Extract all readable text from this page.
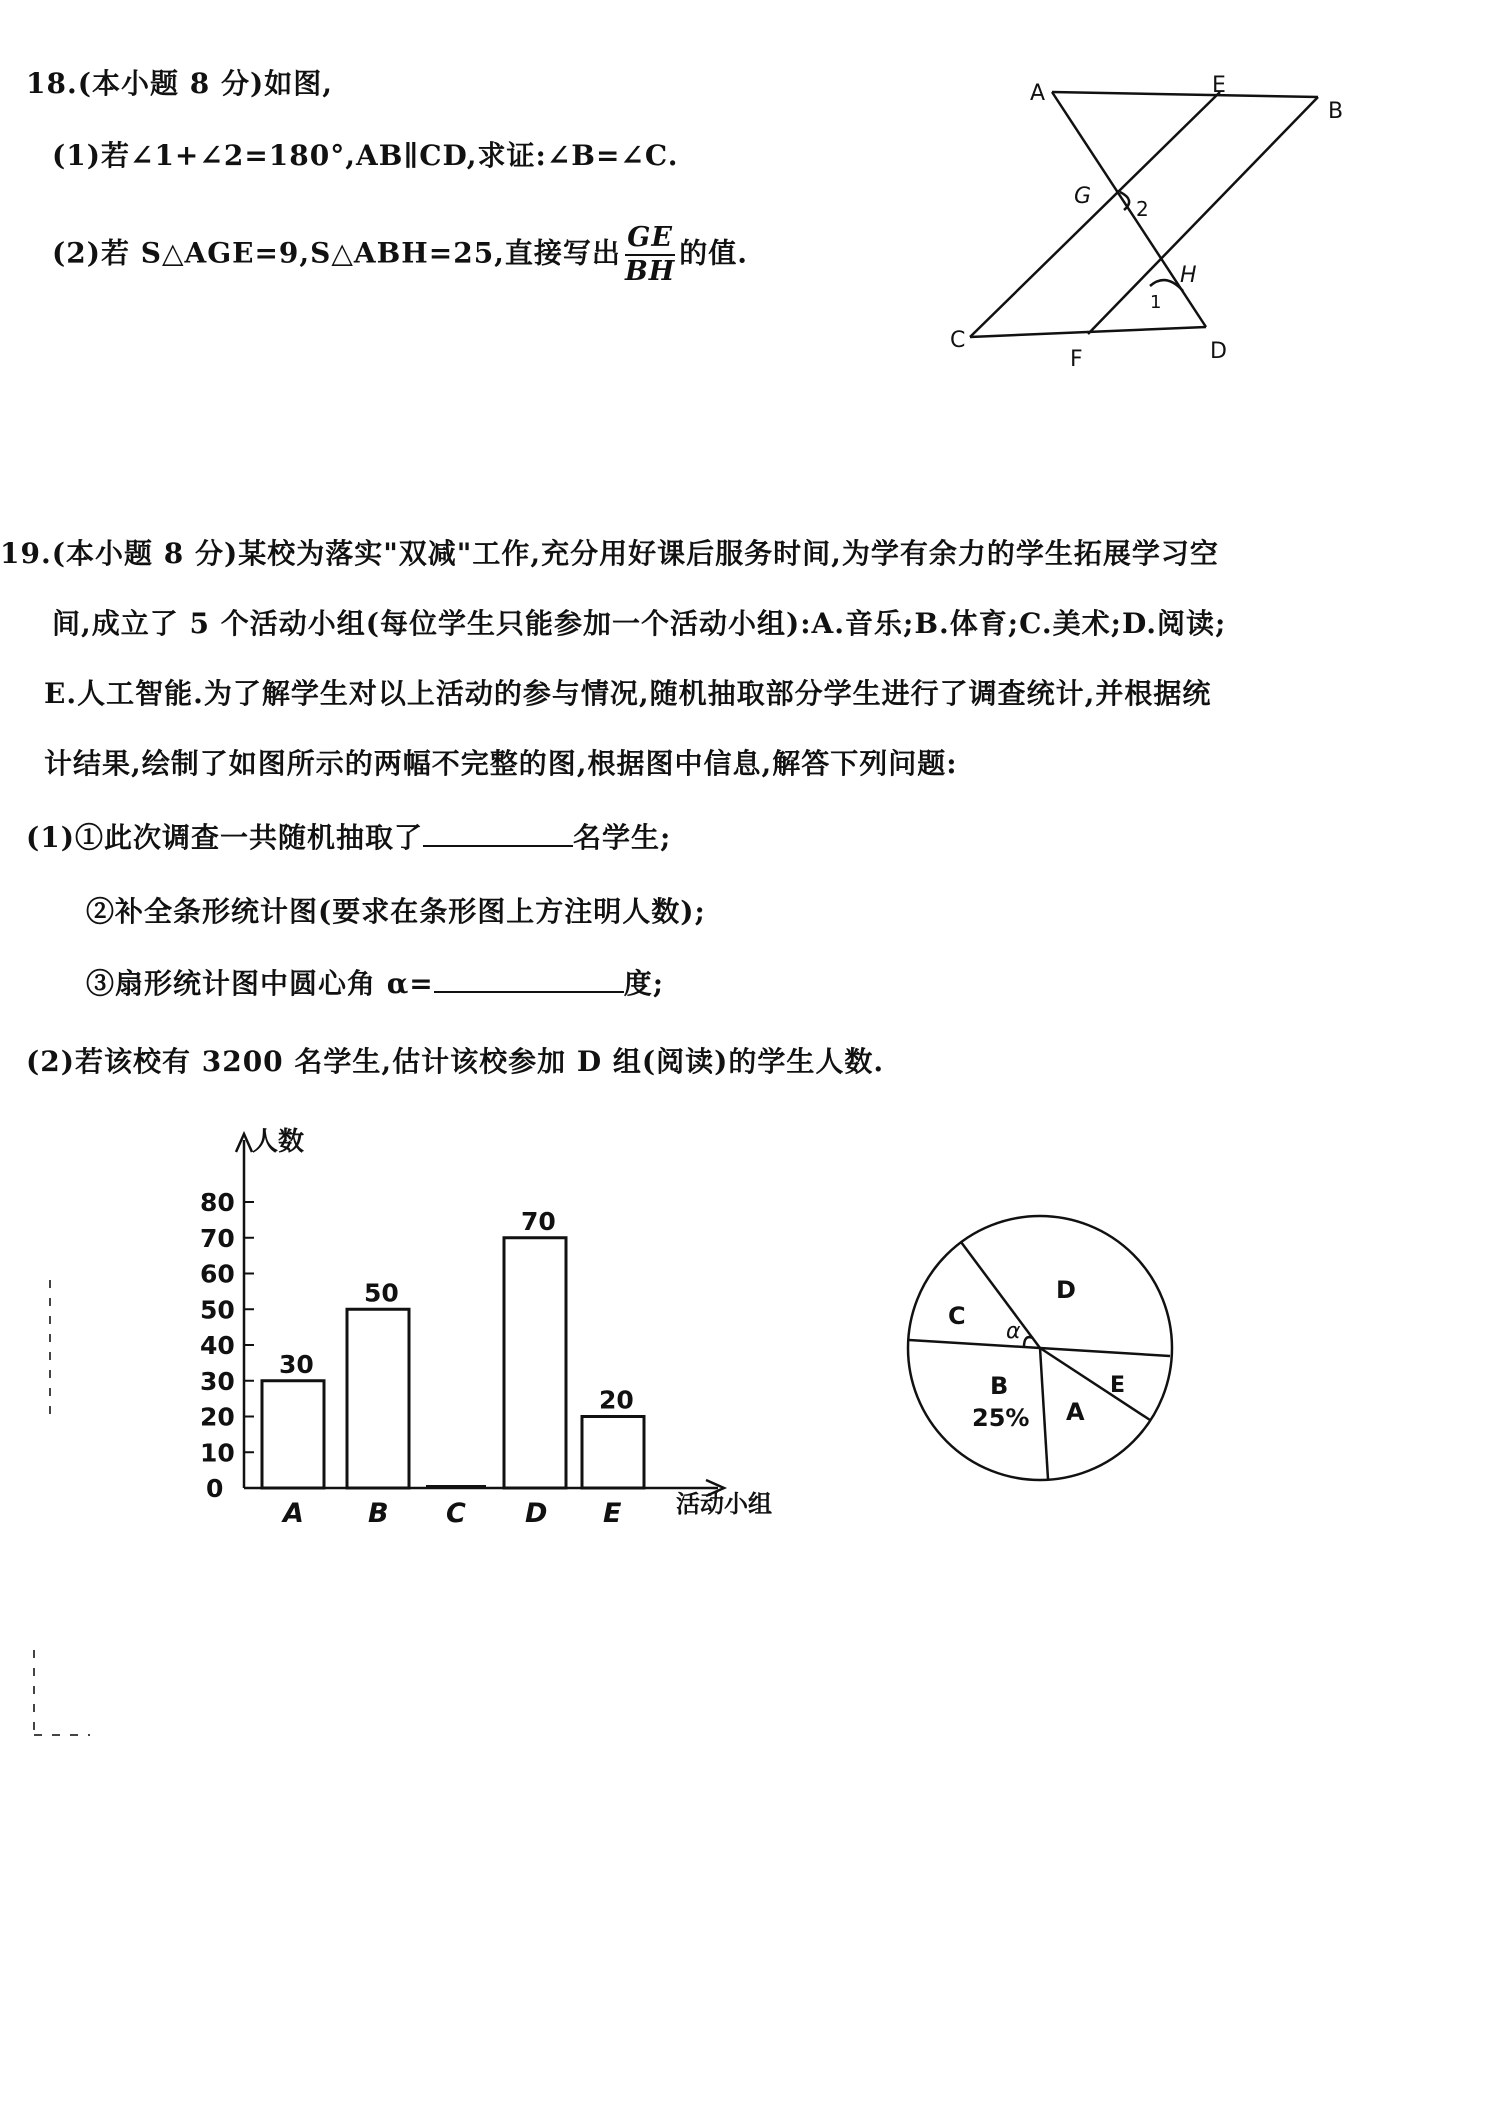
18.(本小题 8 分)如图,
(1)若∠1+∠2=180°,AB∥CD,求证:∠B=∠C.
(2)若 S△AGE=9,S△ABH=25,直接写出 $\frac{GE}{BH}$ 的值.
A	E
B
G 2
H
1
C
F	D
19.(本小题 8 分)某校为落实"双减"工作,充分用好课后服务时间,为学有余力的学生拓展学习空
间,成立了 5 个活动小组(每位学生只能参加一个活动小组):A.音乐;B.体育;C.美术;D.阅读;
E.人工智能.为了解学生对以上活动的参与情况,随机抽取部分学生进行了调查统计,并根据统
计结果,绘制了如图所示的两幅不完整的图,根据图中信息,解答下列问题:
(1)①此次调查一共随机抽取了	名学生;
②补全条形统计图(要求在条形图上方注明人数);
③扇形统计图中圆心角 α=	度;
(2)若该校有 3200 名学生,估计该校参加 D 组(阅读)的学生人数.
人数
活动小组
0
10
20
30
40
50
60
70
80
30
A
50
B C
70
D
20
E
C
α
D
E
A
B
25%
